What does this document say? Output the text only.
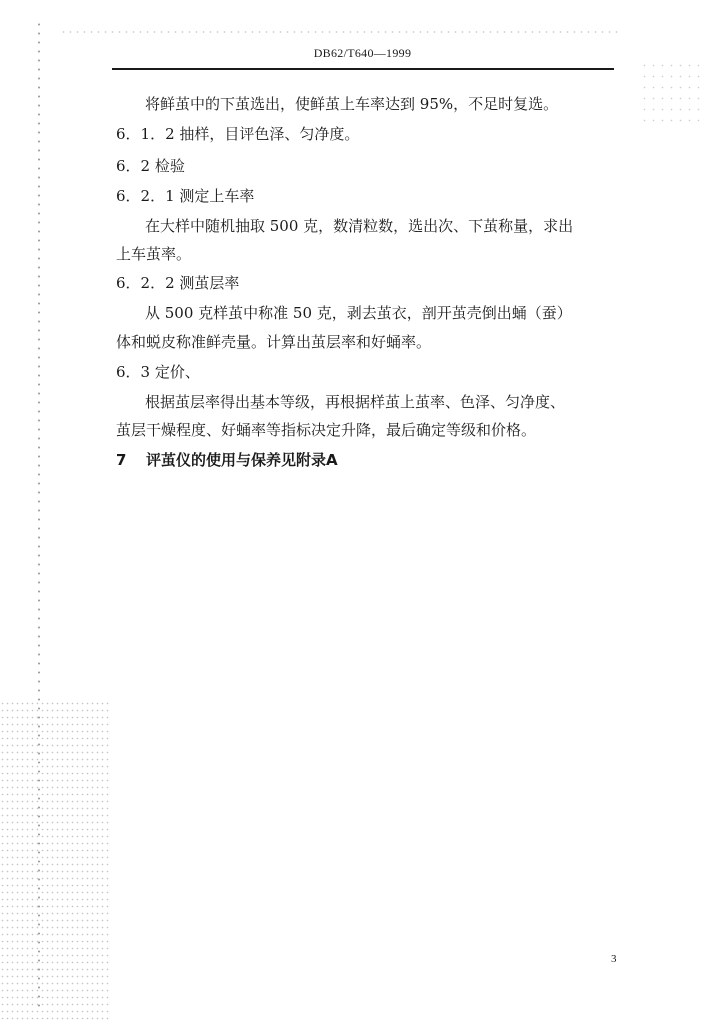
DB62/T640—1999
将鲜茧中的下茧选出，使鲜茧上车率达到 95%，不足时复选。
6．1．2 抽样，目评色泽、匀净度。
6．2 检验
6．2．1 测定上车率
在大样中随机抽取 500 克，数清粒数，选出次、下茧称量，求出
上车茧率。
6．2．2 测茧层率
从 500 克样茧中称准 50 克，剥去茧衣，剖开茧壳倒出蛹（蚕）
体和蜕皮称准鲜壳量。计算出茧层率和好蛹率。
6．3 定价、
根据茧层率得出基本等级，再根据样茧上茧率、色泽、匀净度、
茧层干燥程度、好蛹率等指标决定升降，最后确定等级和价格。
7 评茧仪的使用与保养见附录A
3
